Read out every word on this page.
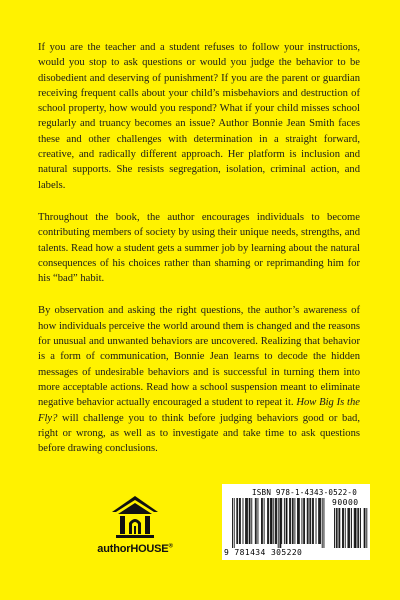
If you are the teacher and a student refuses to follow your instructions, would you stop to ask questions or would you judge the behavior to be disobedient and deserving of punishment? If you are the parent or guardian receiving frequent calls about your child’s misbehaviors and destruction of school property, how would you respond? What if your child misses school regularly and truancy becomes an issue? Author Bonnie Jean Smith faces these and other challenges with determination in a straight forward, creative, and radically different approach. Her platform is inclusion and natural supports. She resists segregation, isolation, criminal action, and labels.

Throughout the book, the author encourages individuals to become contributing members of society by using their unique needs, strengths, and talents. Read how a student gets a summer job by learning about the natural consequences of his choices rather than shaming or reprimanding him for his “bad” habit.

By observation and asking the right questions, the author’s awareness of how individuals perceive the world around them is changed and the reasons for unusual and unwanted behaviors are uncovered. Realizing that behavior is a form of communication, Bonnie Jean learns to decode the hidden messages of undesirable behaviors and is successful in turning them into more acceptable actions. Read how a school suspension meant to eliminate negative behavior actually encouraged a student to repeat it. How Big Is the Fly? will challenge you to think before judging behaviors good or bad, right or wrong, as well as to investigate and take time to ask questions before drawing conclusions.

authorHOUSE®
ISBN 978-1-4343-0522-0
90000
9 781434 305220
